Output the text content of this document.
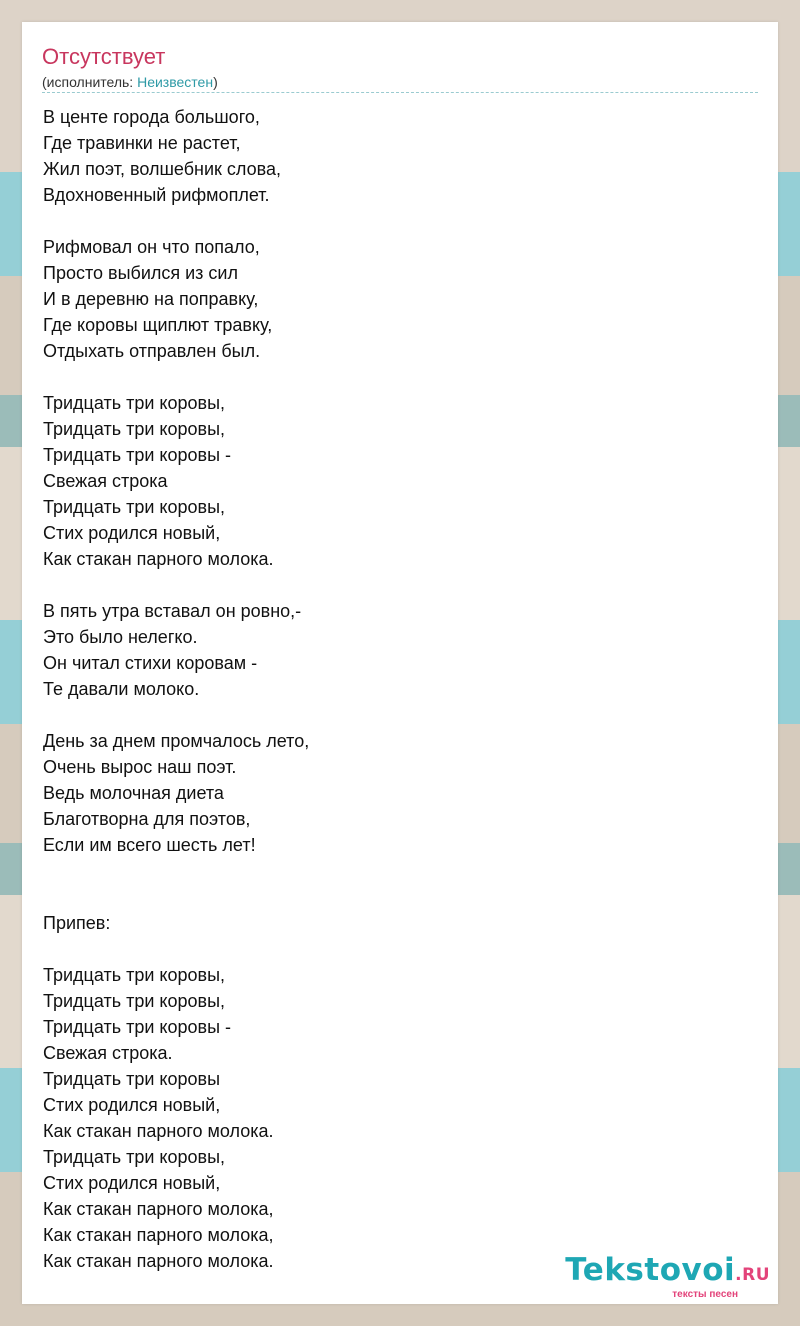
Отсутствует
(исполнитель: Неизвестен)
В центе города большого,
Где травинки не растет,
Жил поэт, волшебник слова,
Вдохновенный рифмоплет.

Рифмовал он что попало,
Просто выбился из сил
И в деревню на поправку,
Где коровы щиплют травку,
Отдыхать отправлен был.

Тридцать три коровы,
Тридцать три коровы,
Тридцать три коровы -
Свежая строка
Тридцать три коровы,
Стих родился новый,
Как стакан парного молока.

В пять утра вставал он ровно,-
Это было нелегко.
Он читал стихи коровам -
Те давали молоко.

День за днем промчалось лето,
Очень вырос наш поэт.
Ведь молочная диета
Благотворна для поэтов,
Если им всего шесть лет!

Припев:

Тридцать три коровы,
Тридцать три коровы,
Тридцать три коровы -
Свежая строка.
Тридцать три коровы
Стих родился новый,
Как стакан парного молока.
Тридцать три коровы,
Стих родился новый,
Как стакан парного молока,
Как стакан парного молока,
Как стакан парного молока.	Tekstovoi.RU
тексты песен
